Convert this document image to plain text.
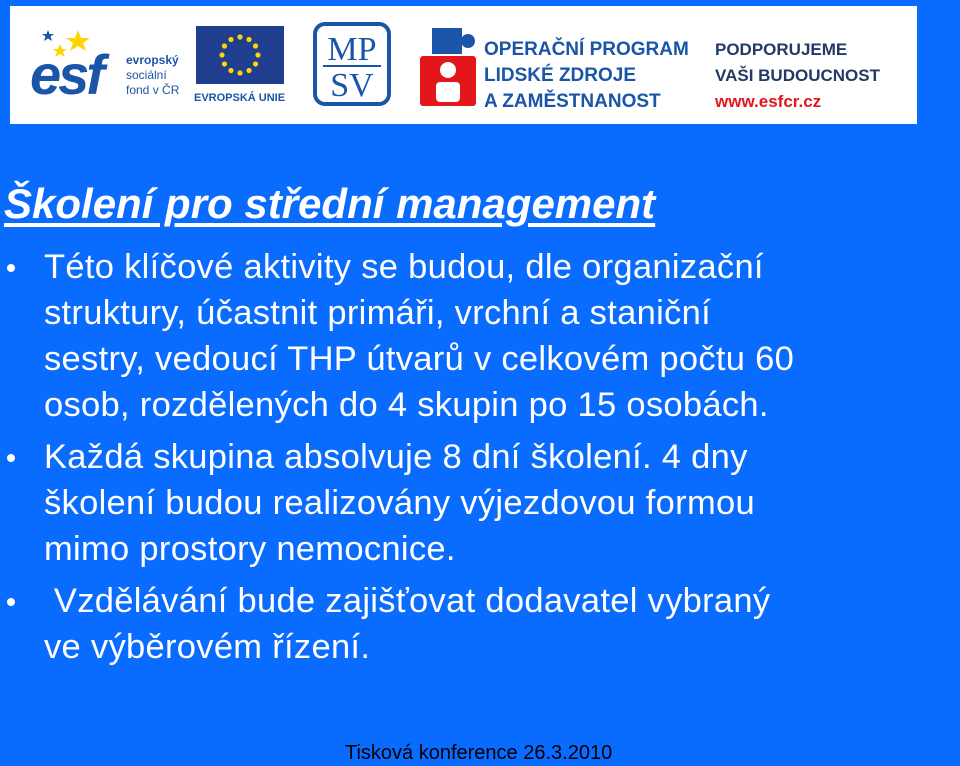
esf	evropský
sociální
fond v ČR
EVROPSKÁ UNIE
MP
SV
OPERAČNÍ PROGRAM
LIDSKÉ ZDROJE
A ZAMĚSTNANOST
PODPORUJEME
VAŠI BUDOUCNOST
www.esfcr.cz
Školení pro střední management
Této klíčové aktivity se budou, dle organizační
struktury, účastnit primáři, vrchní a staniční
sestry, vedoucí THP útvarů v celkovém počtu 60
osob, rozdělených do 4 skupin po 15 osobách.
Každá skupina absolvuje 8 dní školení. 4 dny
školení budou realizovány výjezdovou formou
mimo prostory nemocnice.
Vzdělávání bude zajišťovat dodavatel vybraný
ve výběrovém řízení.
Tisková konference 26.3.2010
